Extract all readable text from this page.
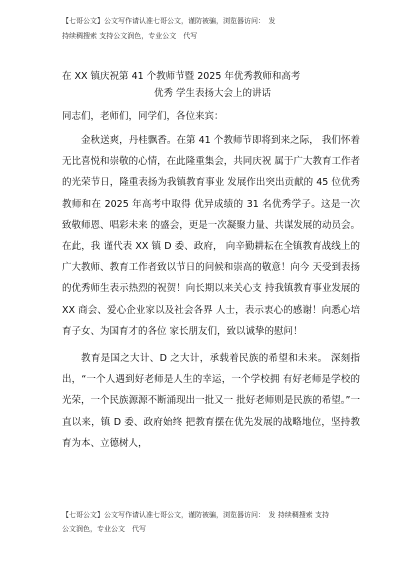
【七哥公文】公文写作请认准七哥公文，谨防被骗，浏览器访问：　发
持续稠搜索 支持公文润色，专业公文　代写
在 XX 镇庆祝第 41 个教师节暨 2025 年优秀教师和高考
优秀 学生表扬大会上的讲话
同志们，老师们，同学们，各位来宾：

金秋送爽，丹桂飘香。在第 41 个教师节即将到来之际， 我们怀着无比喜悦和崇敬的心情，在此隆重集会，共同庆祝 属于广大教育工作者的光荣节日，隆重表扬为我镇教育事业 发展作出突出贡献的 45 位优秀教师和在 2025 年高考中取得 优异成绩的 31 名优秀学子。这是一次致敬师恩、唱彩未来 的盛会，更是一次凝聚力量、共谋发展的动员会。在此，我 谨代表 XX 镇 D 委、政府， 向辛勤耕耘在全镇教育战线上的 广大教师、教育工作者致以节日的问候和崇高的敬意！向今 天受到表扬的优秀师生表示热烈的祝贺！向长期以来关心支 持我镇教育事业发展的 XX 商会、爱心企业家以及社会各界 人士，表示衷心的感谢！向悉心培育子女、为国育才的各位 家长朋友们，致以诚挚的慰问！

教育是国之大计、D 之大计，承载着民族的希望和未来。 深刻指出，“一个人遇到好老师是人生的幸运，一个学校拥 有好老师是学校的光荣，一个民族源源不断涌现出一批又一 批好老师则是民族的希望。”一直以来，镇 D 委、政府始终 把教育摆在优先发展的战略地位，坚持教育为本、立德树人，

【七哥公文】公文写作请认准七哥公文，谨防被骗，浏览器访问：　发 持续稠搜索 支持
公文润色，专业公文　代写
